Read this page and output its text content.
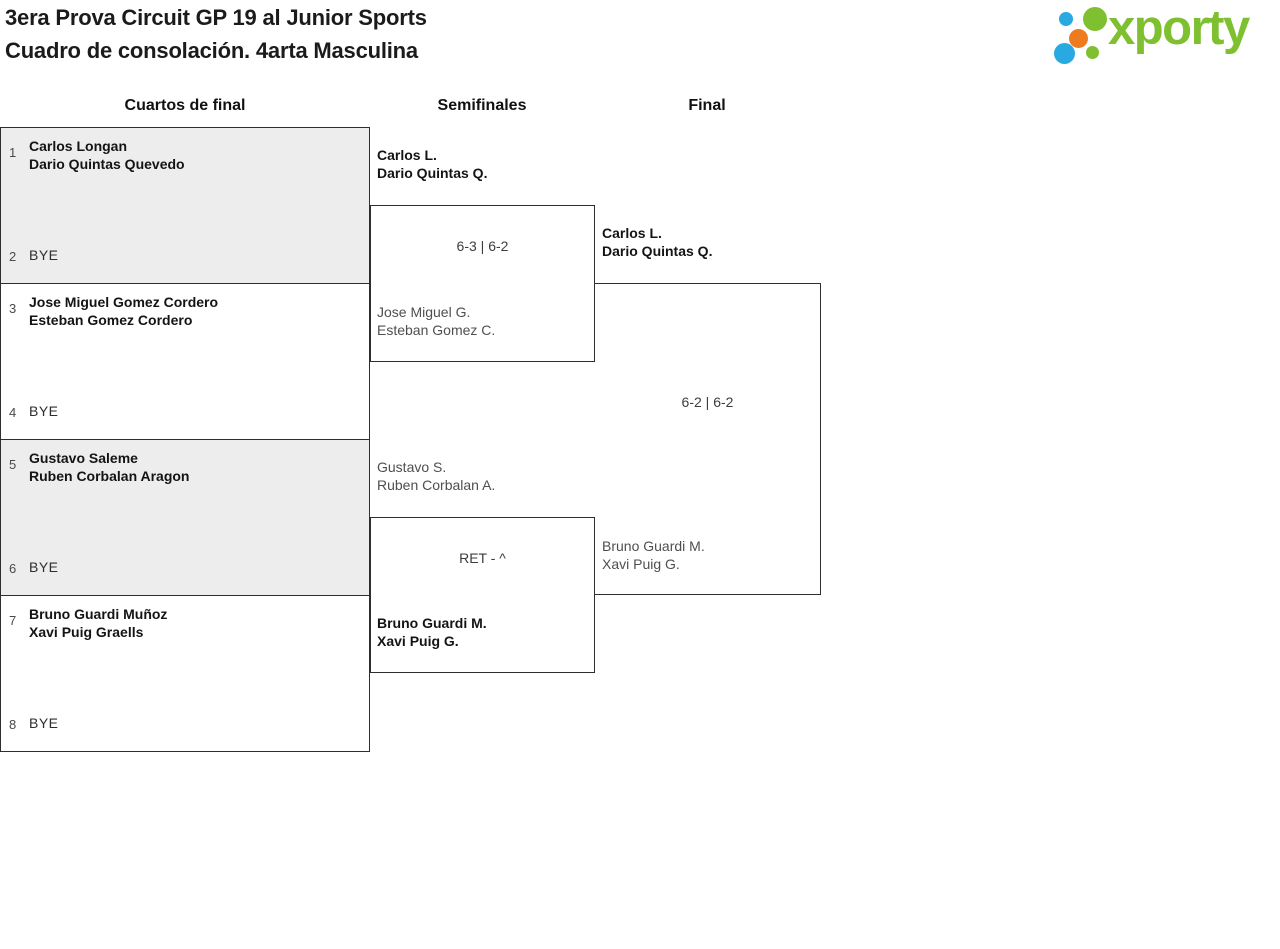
3era Prova Circuit GP 19 al Junior Sports
Cuadro de consolación. 4arta Masculina	xporty
Cuartos de final	Semifinales	Final
1 Carlos Longan
Dario Quintas Quevedo
2 BYE
3 Jose Miguel Gomez Cordero
Esteban Gomez Cordero
4 BYE
5 Gustavo Saleme
Ruben Corbalan Aragon
6 BYE
7 Bruno Guardi Muñoz
Xavi Puig Graells
8 BYE
Carlos L.
Dario Quintas Q.
6-3 | 6-2
Jose Miguel G.
Esteban Gomez C.
Gustavo S.
Ruben Corbalan A.
RET - ^
Bruno Guardi M.
Xavi Puig G.
Carlos L.
Dario Quintas Q.
6-2 | 6-2
Bruno Guardi M.
Xavi Puig G.
